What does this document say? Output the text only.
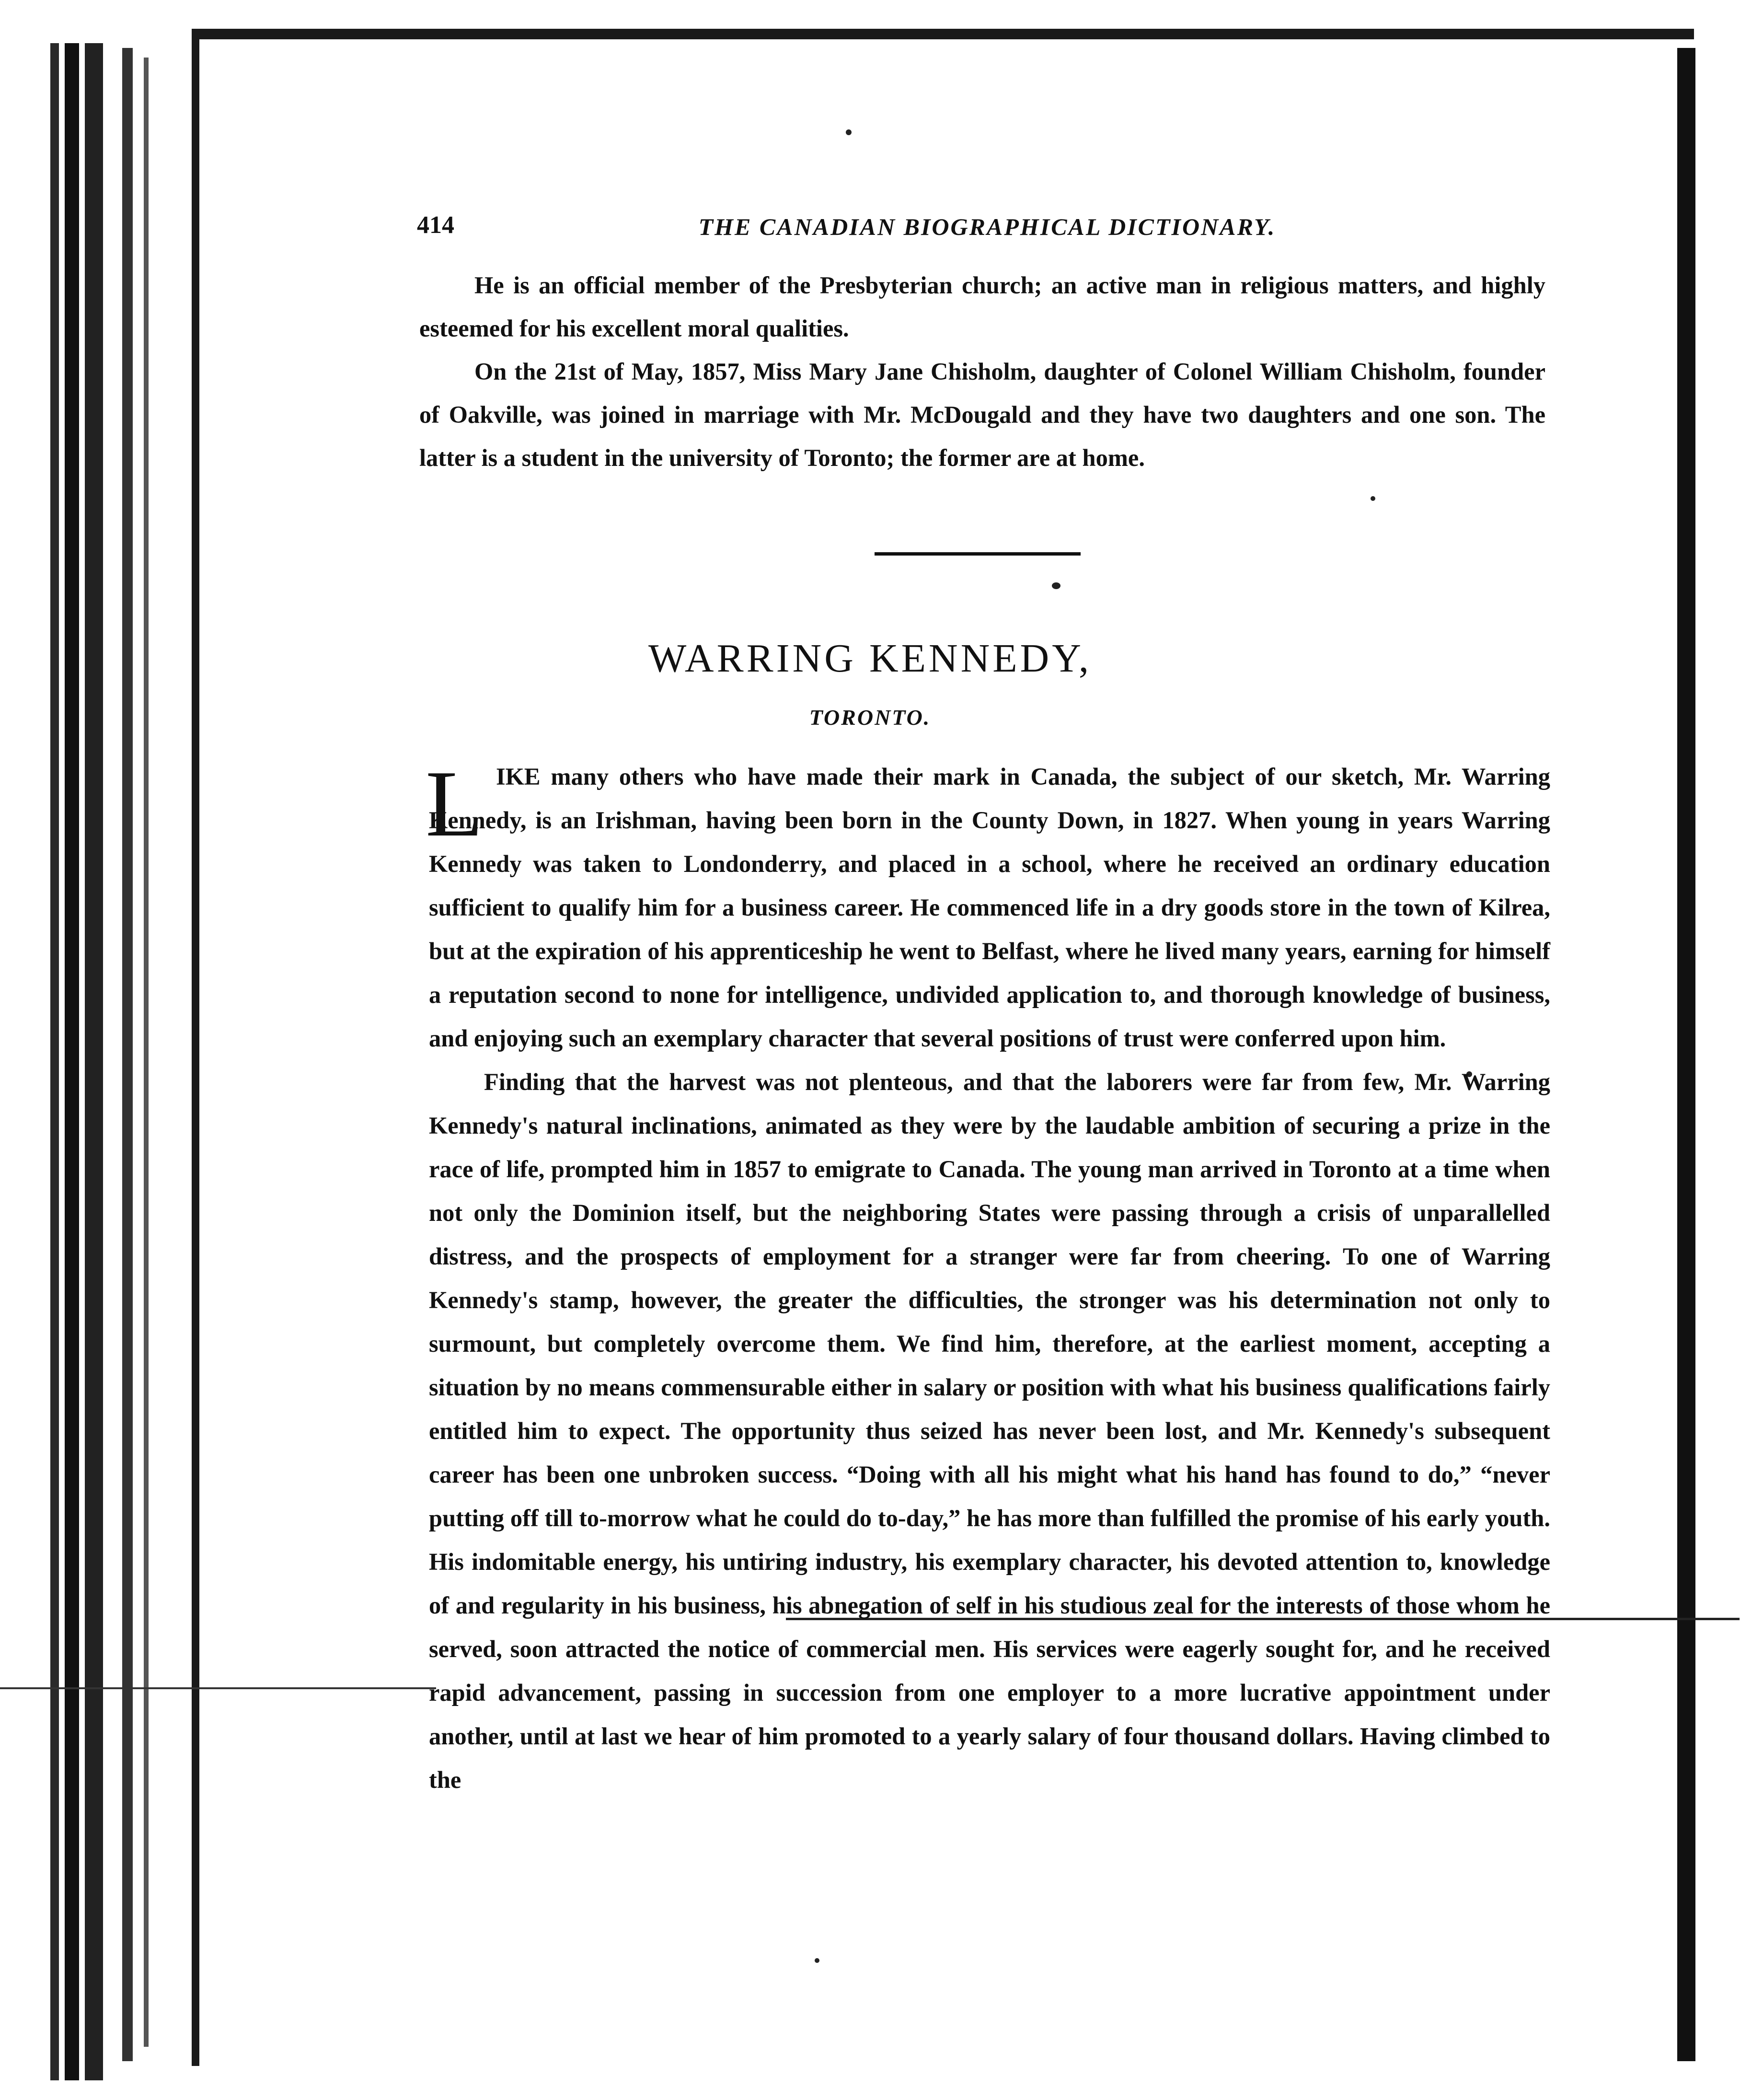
414	THE CANADIAN BIOGRAPHICAL DICTIONARY.

He is an official member of the Presbyterian church; an active man in religious matters, and highly esteemed for his excellent moral qualities.

On the 21st of May, 1857, Miss Mary Jane Chisholm, daughter of Colonel William Chisholm, founder of Oakville, was joined in marriage with Mr. McDougald and they have two daughters and one son. The latter is a student in the university of Toronto; the former are at home.

WARRING KENNEDY,
TORONTO.
L IKE many others who have made their mark in Canada, the subject of our sketch, Mr. Warring Kennedy, is an Irishman, having been born in the County Down, in 1827. When young in years Warring Kennedy was taken to Londonderry, and placed in a school, where he received an ordinary education sufficient to qualify him for a business career. He commenced life in a dry goods store in the town of Kilrea, but at the expiration of his apprenticeship he went to Belfast, where he lived many years, earning for himself a reputation second to none for intelligence, undivided application to, and thorough knowledge of business, and enjoying such an exemplary character that several positions of trust were conferred upon him.

Finding that the harvest was not plenteous, and that the laborers were far from few, Mr. Warring Kennedy's natural inclinations, animated as they were by the laudable ambition of securing a prize in the race of life, prompted him in 1857 to emigrate to Canada. The young man arrived in Toronto at a time when not only the Dominion itself, but the neighboring States were passing through a crisis of unparallelled distress, and the prospects of employment for a stranger were far from cheering. To one of Warring Kennedy's stamp, however, the greater the difficulties, the stronger was his determination not only to surmount, but completely overcome them. We find him, therefore, at the earliest moment, accepting a situation by no means commensurable either in salary or position with what his business qualifications fairly entitled him to expect. The opportunity thus seized has never been lost, and Mr. Kennedy's subsequent career has been one unbroken success. “Doing with all his might what his hand has found to do,” “never putting off till to-morrow what he could do to-day,” he has more than fulfilled the promise of his early youth. His indomitable energy, his untiring industry, his exemplary character, his devoted attention to, knowledge of and regularity in his business, his abnegation of self in his studious zeal for the interests of those whom he served, soon attracted the notice of commercial men. His services were eagerly sought for, and he received rapid advancement, passing in succession from one employer to a more lucrative appointment under another, until at last we hear of him promoted to a yearly salary of four thousand dollars. Having climbed to the
